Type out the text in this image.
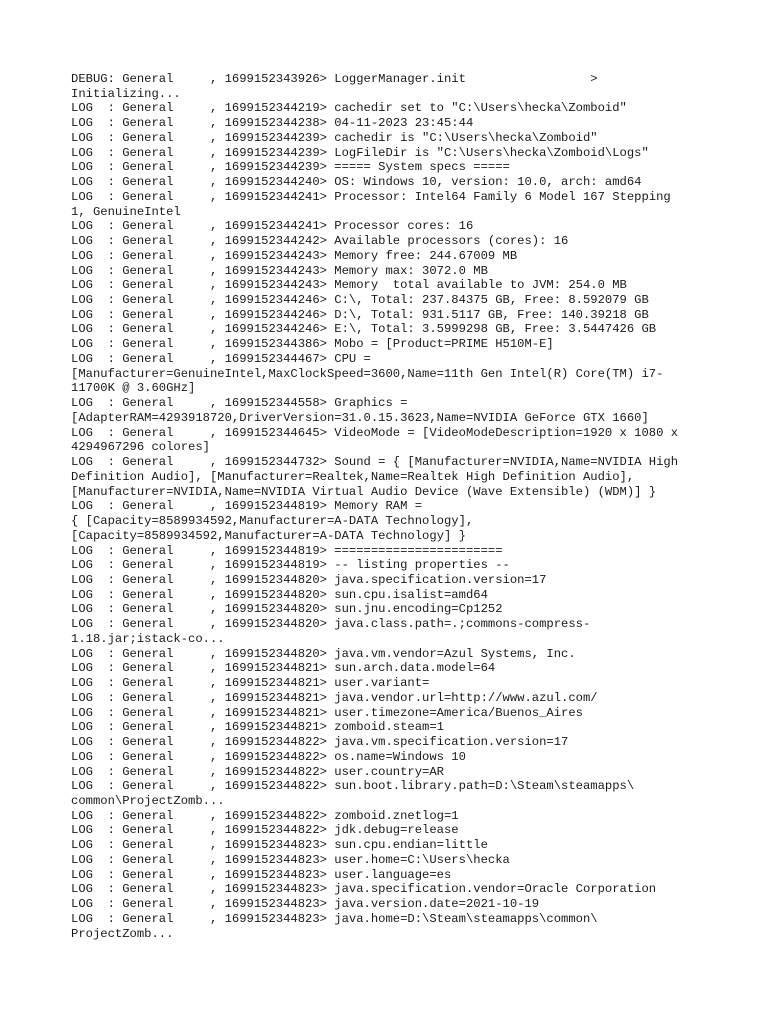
DEBUG: General     , 1699152343926> LoggerManager.init                 >
Initializing...
LOG  : General     , 1699152344219> cachedir set to "C:\Users\hecka\Zomboid"
LOG  : General     , 1699152344238> 04-11-2023 23:45:44
LOG  : General     , 1699152344239> cachedir is "C:\Users\hecka\Zomboid"
LOG  : General     , 1699152344239> LogFileDir is "C:\Users\hecka\Zomboid\Logs"
LOG  : General     , 1699152344239> ===== System specs =====
LOG  : General     , 1699152344240> OS: Windows 10, version: 10.0, arch: amd64
LOG  : General     , 1699152344241> Processor: Intel64 Family 6 Model 167 Stepping
1, GenuineIntel
LOG  : General     , 1699152344241> Processor cores: 16
LOG  : General     , 1699152344242> Available processors (cores): 16
LOG  : General     , 1699152344243> Memory free: 244.67009 MB
LOG  : General     , 1699152344243> Memory max: 3072.0 MB
LOG  : General     , 1699152344243> Memory  total available to JVM: 254.0 MB
LOG  : General     , 1699152344246> C:\, Total: 237.84375 GB, Free: 8.592079 GB
LOG  : General     , 1699152344246> D:\, Total: 931.5117 GB, Free: 140.39218 GB
LOG  : General     , 1699152344246> E:\, Total: 3.5999298 GB, Free: 3.5447426 GB
LOG  : General     , 1699152344386> Mobo = [Product=PRIME H510M-E]
LOG  : General     , 1699152344467> CPU =
[Manufacturer=GenuineIntel,MaxClockSpeed=3600,Name=11th Gen Intel(R) Core(TM) i7-
11700K @ 3.60GHz]
LOG  : General     , 1699152344558> Graphics =
[AdapterRAM=4293918720,DriverVersion=31.0.15.3623,Name=NVIDIA GeForce GTX 1660]
LOG  : General     , 1699152344645> VideoMode = [VideoModeDescription=1920 x 1080 x
4294967296 colores]
LOG  : General     , 1699152344732> Sound = { [Manufacturer=NVIDIA,Name=NVIDIA High
Definition Audio], [Manufacturer=Realtek,Name=Realtek High Definition Audio],
[Manufacturer=NVIDIA,Name=NVIDIA Virtual Audio Device (Wave Extensible) (WDM)] }
LOG  : General     , 1699152344819> Memory RAM =
{ [Capacity=8589934592,Manufacturer=A-DATA Technology],
[Capacity=8589934592,Manufacturer=A-DATA Technology] }
LOG  : General     , 1699152344819> =======================
LOG  : General     , 1699152344819> -- listing properties --
LOG  : General     , 1699152344820> java.specification.version=17
LOG  : General     , 1699152344820> sun.cpu.isalist=amd64
LOG  : General     , 1699152344820> sun.jnu.encoding=Cp1252
LOG  : General     , 1699152344820> java.class.path=.;commons-compress-
1.18.jar;istack-co...
LOG  : General     , 1699152344820> java.vm.vendor=Azul Systems, Inc.
LOG  : General     , 1699152344821> sun.arch.data.model=64
LOG  : General     , 1699152344821> user.variant=
LOG  : General     , 1699152344821> java.vendor.url=http://www.azul.com/
LOG  : General     , 1699152344821> user.timezone=America/Buenos_Aires
LOG  : General     , 1699152344821> zomboid.steam=1
LOG  : General     , 1699152344822> java.vm.specification.version=17
LOG  : General     , 1699152344822> os.name=Windows 10
LOG  : General     , 1699152344822> user.country=AR
LOG  : General     , 1699152344822> sun.boot.library.path=D:\Steam\steamapps\
common\ProjectZomb...
LOG  : General     , 1699152344822> zomboid.znetlog=1
LOG  : General     , 1699152344822> jdk.debug=release
LOG  : General     , 1699152344823> sun.cpu.endian=little
LOG  : General     , 1699152344823> user.home=C:\Users\hecka
LOG  : General     , 1699152344823> user.language=es
LOG  : General     , 1699152344823> java.specification.vendor=Oracle Corporation
LOG  : General     , 1699152344823> java.version.date=2021-10-19
LOG  : General     , 1699152344823> java.home=D:\Steam\steamapps\common\
ProjectZomb...
